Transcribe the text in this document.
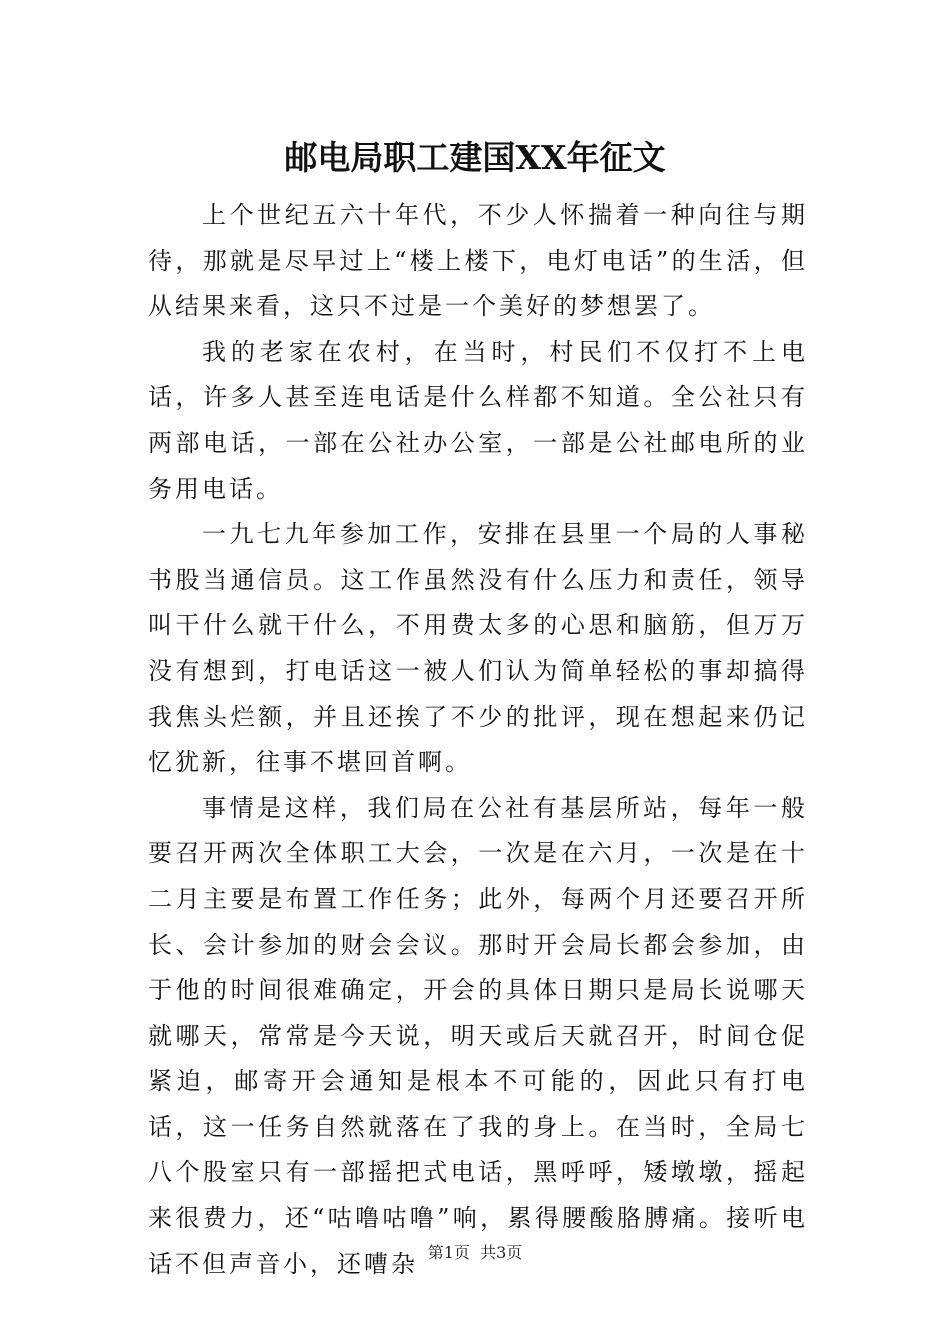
邮电局职工建国XX年征文

上个世纪五六十年代，不少人怀揣着一种向往与期待，那就是尽早过上“楼上楼下，电灯电话”的生活，但从结果来看，这只不过是一个美好的梦想罢了。

我的老家在农村，在当时，村民们不仅打不上电话，许多人甚至连电话是什么样都不知道。全公社只有两部电话，一部在公社办公室，一部是公社邮电所的业务用电话。

一九七九年参加工作，安排在县里一个局的人事秘书股当通信员。这工作虽然没有什么压力和责任，领导叫干什么就干什么，不用费太多的心思和脑筋，但万万没有想到，打电话这一被人们认为简单轻松的事却搞得我焦头烂额，并且还挨了不少的批评，现在想起来仍记忆犹新，往事不堪回首啊。

事情是这样，我们局在公社有基层所站，每年一般要召开两次全体职工大会，一次是在六月，一次是在十二月主要是布置工作任务；此外，每两个月还要召开所长、会计参加的财会会议。那时开会局长都会参加，由于他的时间很难确定，开会的具体日期只是局长说哪天就哪天，常常是今天说，明天或后天就召开，时间仓促紧迫，邮寄开会通知是根本不可能的，因此只有打电话，这一任务自然就落在了我的身上。在当时，全局七八个股室只有一部摇把式电话，黑呼呼，矮墩墩，摇起来很费力，还“咕噜咕噜”响，累得腰酸胳膊痛。接听电话不但声音小，还嘈杂 第1页 共3页
